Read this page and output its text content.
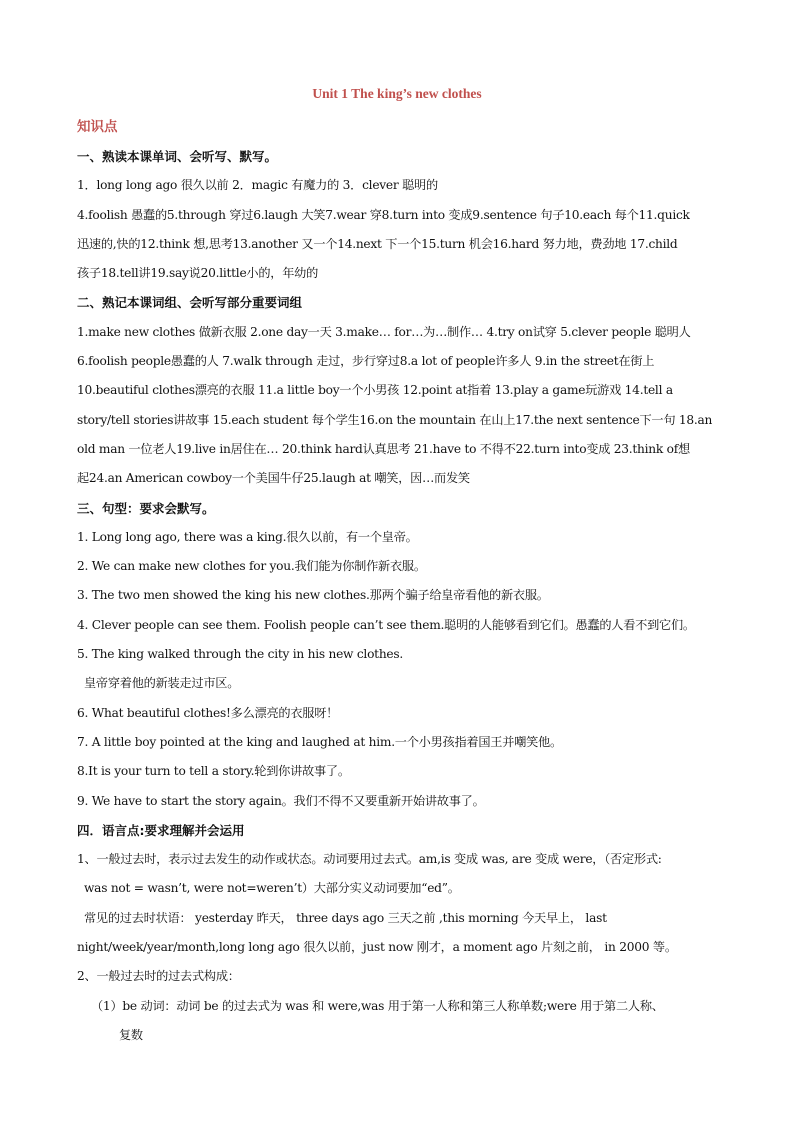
Unit 1 The king’s new clothes
知识点
一、熟读本课单词、会听写、默写。
1．long long ago 很久以前 2．magic 有魔力的 3．clever 聪明的
4.foolish 愚蠢的5.through 穿过6.laugh 大笑7.wear 穿8.turn into 变成9.sentence 句子10.each 每个11.quick
迅速的,快的12.think 想,思考13.another 又一个14.next 下一个15.turn 机会16.hard 努力地，费劲地 17.child
孩子18.tell讲19.say说20.little小的，年幼的
二、熟记本课词组、会听写部分重要词组
1.make new clothes 做新衣服 2.one day一天 3.make… for…为…制作… 4.try on试穿 5.clever people 聪明人
6.foolish people愚蠢的人 7.walk through 走过，步行穿过8.a lot of people许多人 9.in the street在街上
10.beautiful clothes漂亮的衣服 11.a little boy一个小男孩 12.point at指着 13.play a game玩游戏 14.tell a
story/tell stories讲故事 15.each student 每个学生16.on the mountain 在山上17.the next sentence下一句 18.an
old man 一位老人19.live in居住在… 20.think hard认真思考 21.have to 不得不22.turn into变成 23.think of想
起24.an American cowboy一个美国牛仔25.laugh at 嘲笑，因…而发笑
三、句型：要求会默写。
1. Long long ago, there was a king.很久以前，有一个皇帝。
2. We can make new clothes for you.我们能为你制作新衣服。
3. The two men showed the king his new clothes.那两个骗子给皇帝看他的新衣服。
4. Clever people can see them. Foolish people can’t see them.聪明的人能够看到它们。愚蠢的人看不到它们。
5. The king walked through the city in his new clothes.
皇帝穿着他的新装走过市区。
6. What beautiful clothes!多么漂亮的衣服呀！
7. A little boy pointed at the king and laughed at him.一个小男孩指着国王并嘲笑他。
8.It is your turn to tell a story.轮到你讲故事了。
9. We have to start the story again。我们不得不又要重新开始讲故事了。
四．语言点:要求理解并会运用
1、一般过去时，表示过去发生的动作或状态。动词要用过去式。am,is 变成 was, are 变成 were，（否定形式:
was not = wasn’t, were not=weren’t）大部分实义动词要加“ed”。
常见的过去时状语： yesterday 昨天， three days ago 三天之前 ,this morning 今天早上， last
night/week/year/month,long long ago 很久以前，just now 刚才，a moment ago 片刻之前， in 2000 等。
2、一般过去时的过去式构成：
（1）be 动词：动词 be 的过去式为 was 和 were,was 用于第一人称和第三人称单数;were 用于第二人称、
复数
